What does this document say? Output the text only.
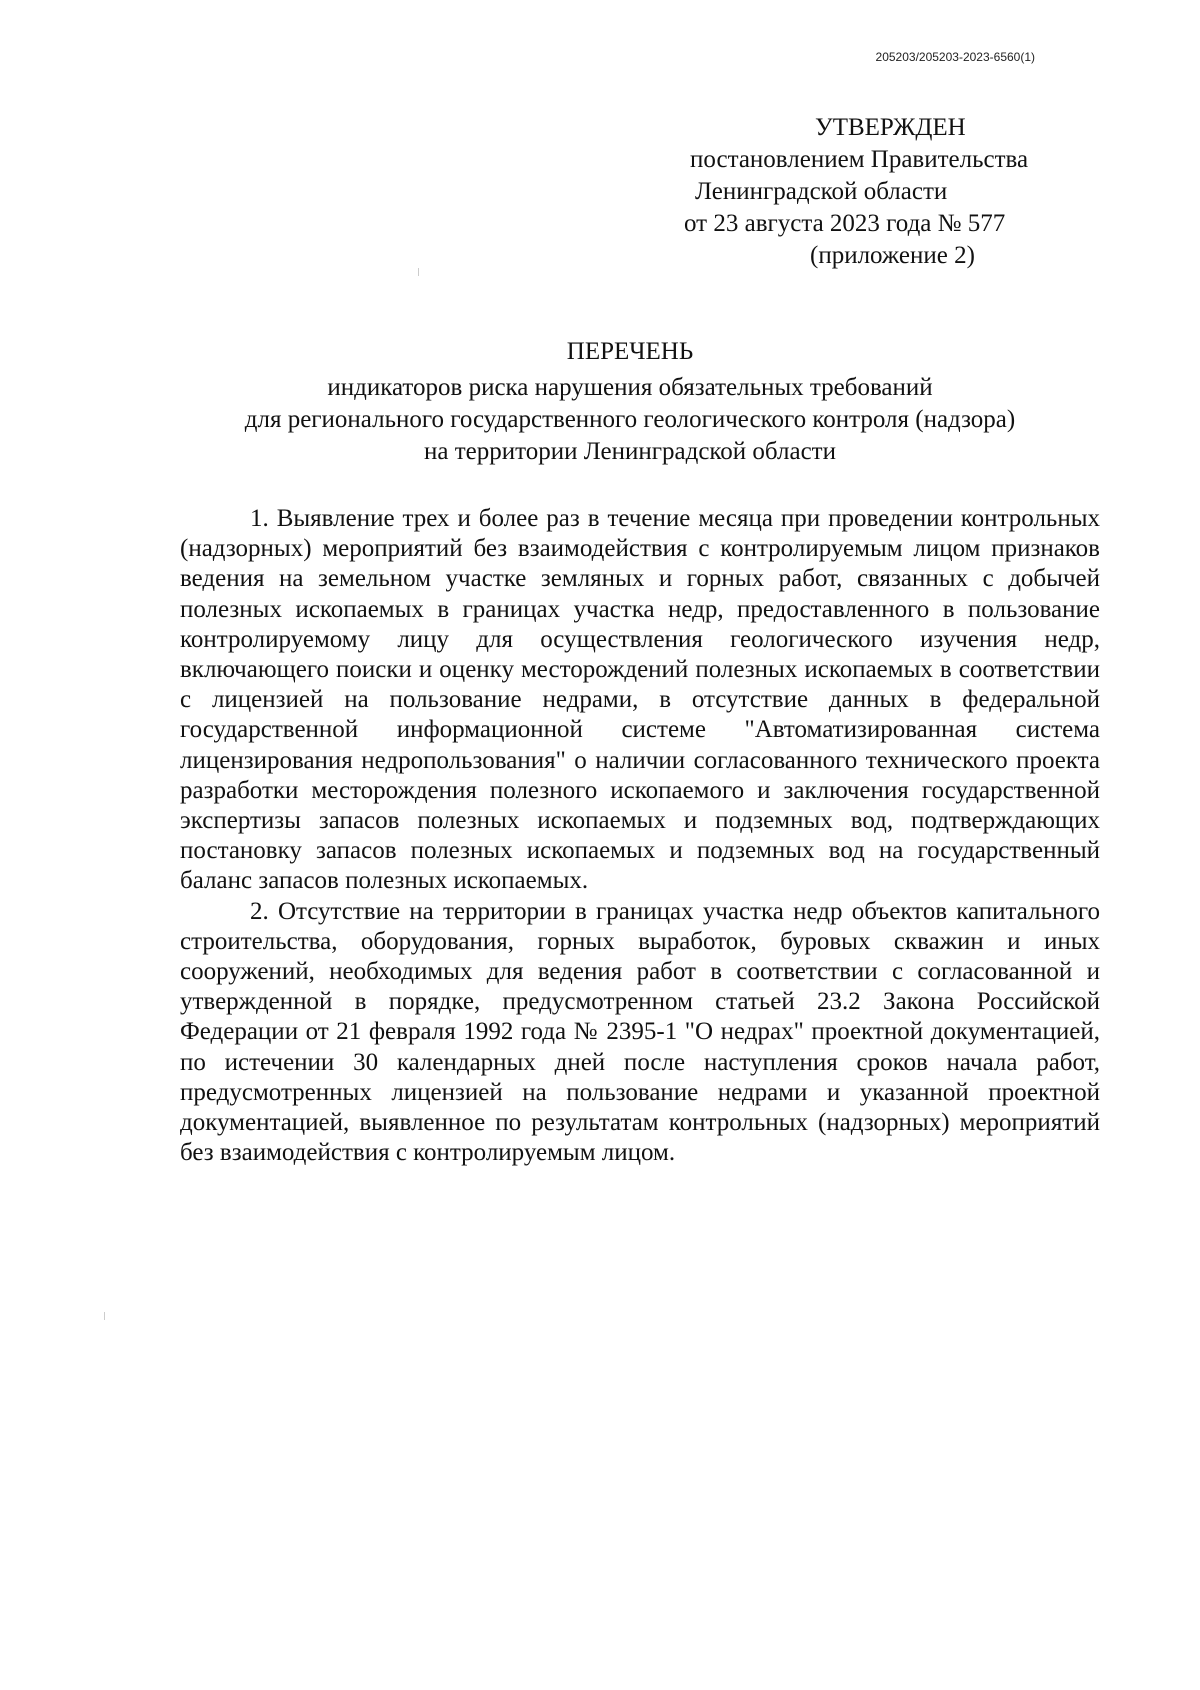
205203/205203-2023-6560(1)
УТВЕРЖДЕН
постановлением Правительства
Ленинградской области
от 23 августа 2023 года № 577
(приложение 2)
ПЕРЕЧЕНЬ
индикаторов риска нарушения обязательных требований
для регионального государственного геологического контроля (надзора)
на территории Ленинградской области

1. Выявление трех и более раз в течение месяца при проведении контрольных (надзорных) мероприятий без взаимодействия с контролируемым лицом признаков ведения на земельном участке земляных и горных работ, связанных с добычей полезных ископаемых в границах участка недр, предоставленного в пользование контролируемому лицу для осуществления геологического изучения недр, включающего поиски и оценку месторождений полезных ископаемых в соответствии с лицензией на пользование недрами, в отсутствие данных в федеральной государственной информационной системе "Автоматизированная система лицензирования недропользования" о наличии согласованного технического проекта разработки месторождения полезного ископаемого и заключения государственной экспертизы запасов полезных ископаемых и подземных вод, подтверждающих постановку запасов полезных ископаемых и подземных вод на государственный баланс запасов полезных ископаемых.

2. Отсутствие на территории в границах участка недр объектов капитального строительства, оборудования, горных выработок, буровых скважин и иных сооружений, необходимых для ведения работ в соответствии с согласованной и утвержденной в порядке, предусмотренном статьей 23.2 Закона Российской Федерации от 21 февраля 1992 года № 2395-1 "О недрах" проектной документацией, по истечении 30 календарных дней после наступления сроков начала работ, предусмотренных лицензией на пользование недрами и указанной проектной документацией, выявленное по результатам контрольных (надзорных) мероприятий без взаимодействия с контролируемым лицом.
